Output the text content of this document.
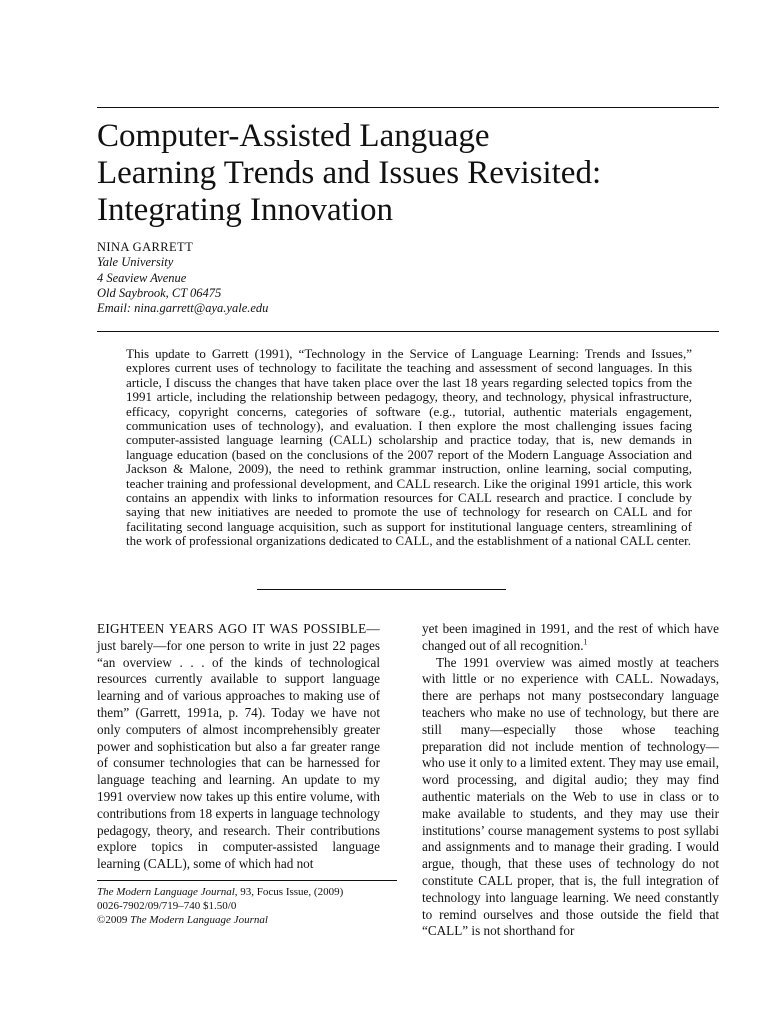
Computer-Assisted Language
Learning Trends and Issues Revisited:
Integrating Innovation
NINA GARRETT
Yale University
4 Seaview Avenue
Old Saybrook, CT 06475
Email: nina.garrett@aya.yale.edu

This update to Garrett (1991), “Technology in the Service of Language Learning: Trends and Issues,” explores current uses of technology to facilitate the teaching and assessment of second languages. In this article, I discuss the changes that have taken place over the last 18 years regarding selected topics from the 1991 article, including the relationship between pedagogy, theory, and technology, physical infrastructure, efficacy, copyright concerns, categories of software (e.g., tutorial, authentic materials engagement, communication uses of technology), and evaluation. I then explore the most challenging issues facing computer-assisted language learning (CALL) scholarship and practice today, that is, new demands in language education (based on the conclusions of the 2007 report of the Modern Language Association and Jackson & Malone, 2009), the need to rethink grammar instruction, online learning, social computing, teacher training and professional development, and CALL research. Like the original 1991 article, this work contains an appendix with links to information resources for CALL research and practice. I conclude by saying that new initiatives are needed to promote the use of technology for research on CALL and for facilitating second language acquisition, such as support for institutional language centers, streamlining of the work of professional organizations dedicated to CALL, and the establishment of a national CALL center.

EIGHTEEN YEARS AGO IT WAS POSSIBLE— just barely—for one person to write in just 22 pages “an overview . . . of the kinds of technological resources currently available to support language learning and of various approaches to making use of them” (Garrett, 1991a, p. 74). Today we have not only computers of almost incomprehensibly greater power and sophistication but also a far greater range of consumer technologies that can be harnessed for language teaching and learning. An update to my 1991 overview now takes up this entire volume, with contributions from 18 experts in language technology pedagogy, theory, and research. Their contributions explore topics in computer-assisted language learning (CALL), some of which had not

yet been imagined in 1991, and the rest of which have changed out of all recognition.$^1$

The 1991 overview was aimed mostly at teachers with little or no experience with CALL. Nowadays, there are perhaps not many postsecondary language teachers who make no use of technology, but there are still many—especially those whose teaching preparation did not include mention of technology—who use it only to a limited extent. They may use email, word processing, and digital audio; they may find authentic materials on the Web to use in class or to make available to students, and they may use their institutions’ course management systems to post syllabi and assignments and to manage their grading. I would argue, though, that these uses of technology do not constitute CALL proper, that is, the full integration of technology into language learning. We need constantly to remind ourselves and those outside the field that “CALL” is not shorthand for

The Modern Language Journal, 93, Focus Issue, (2009)
0026-7902/09/719–740 $1.50/0
©2009 The Modern Language Journal
